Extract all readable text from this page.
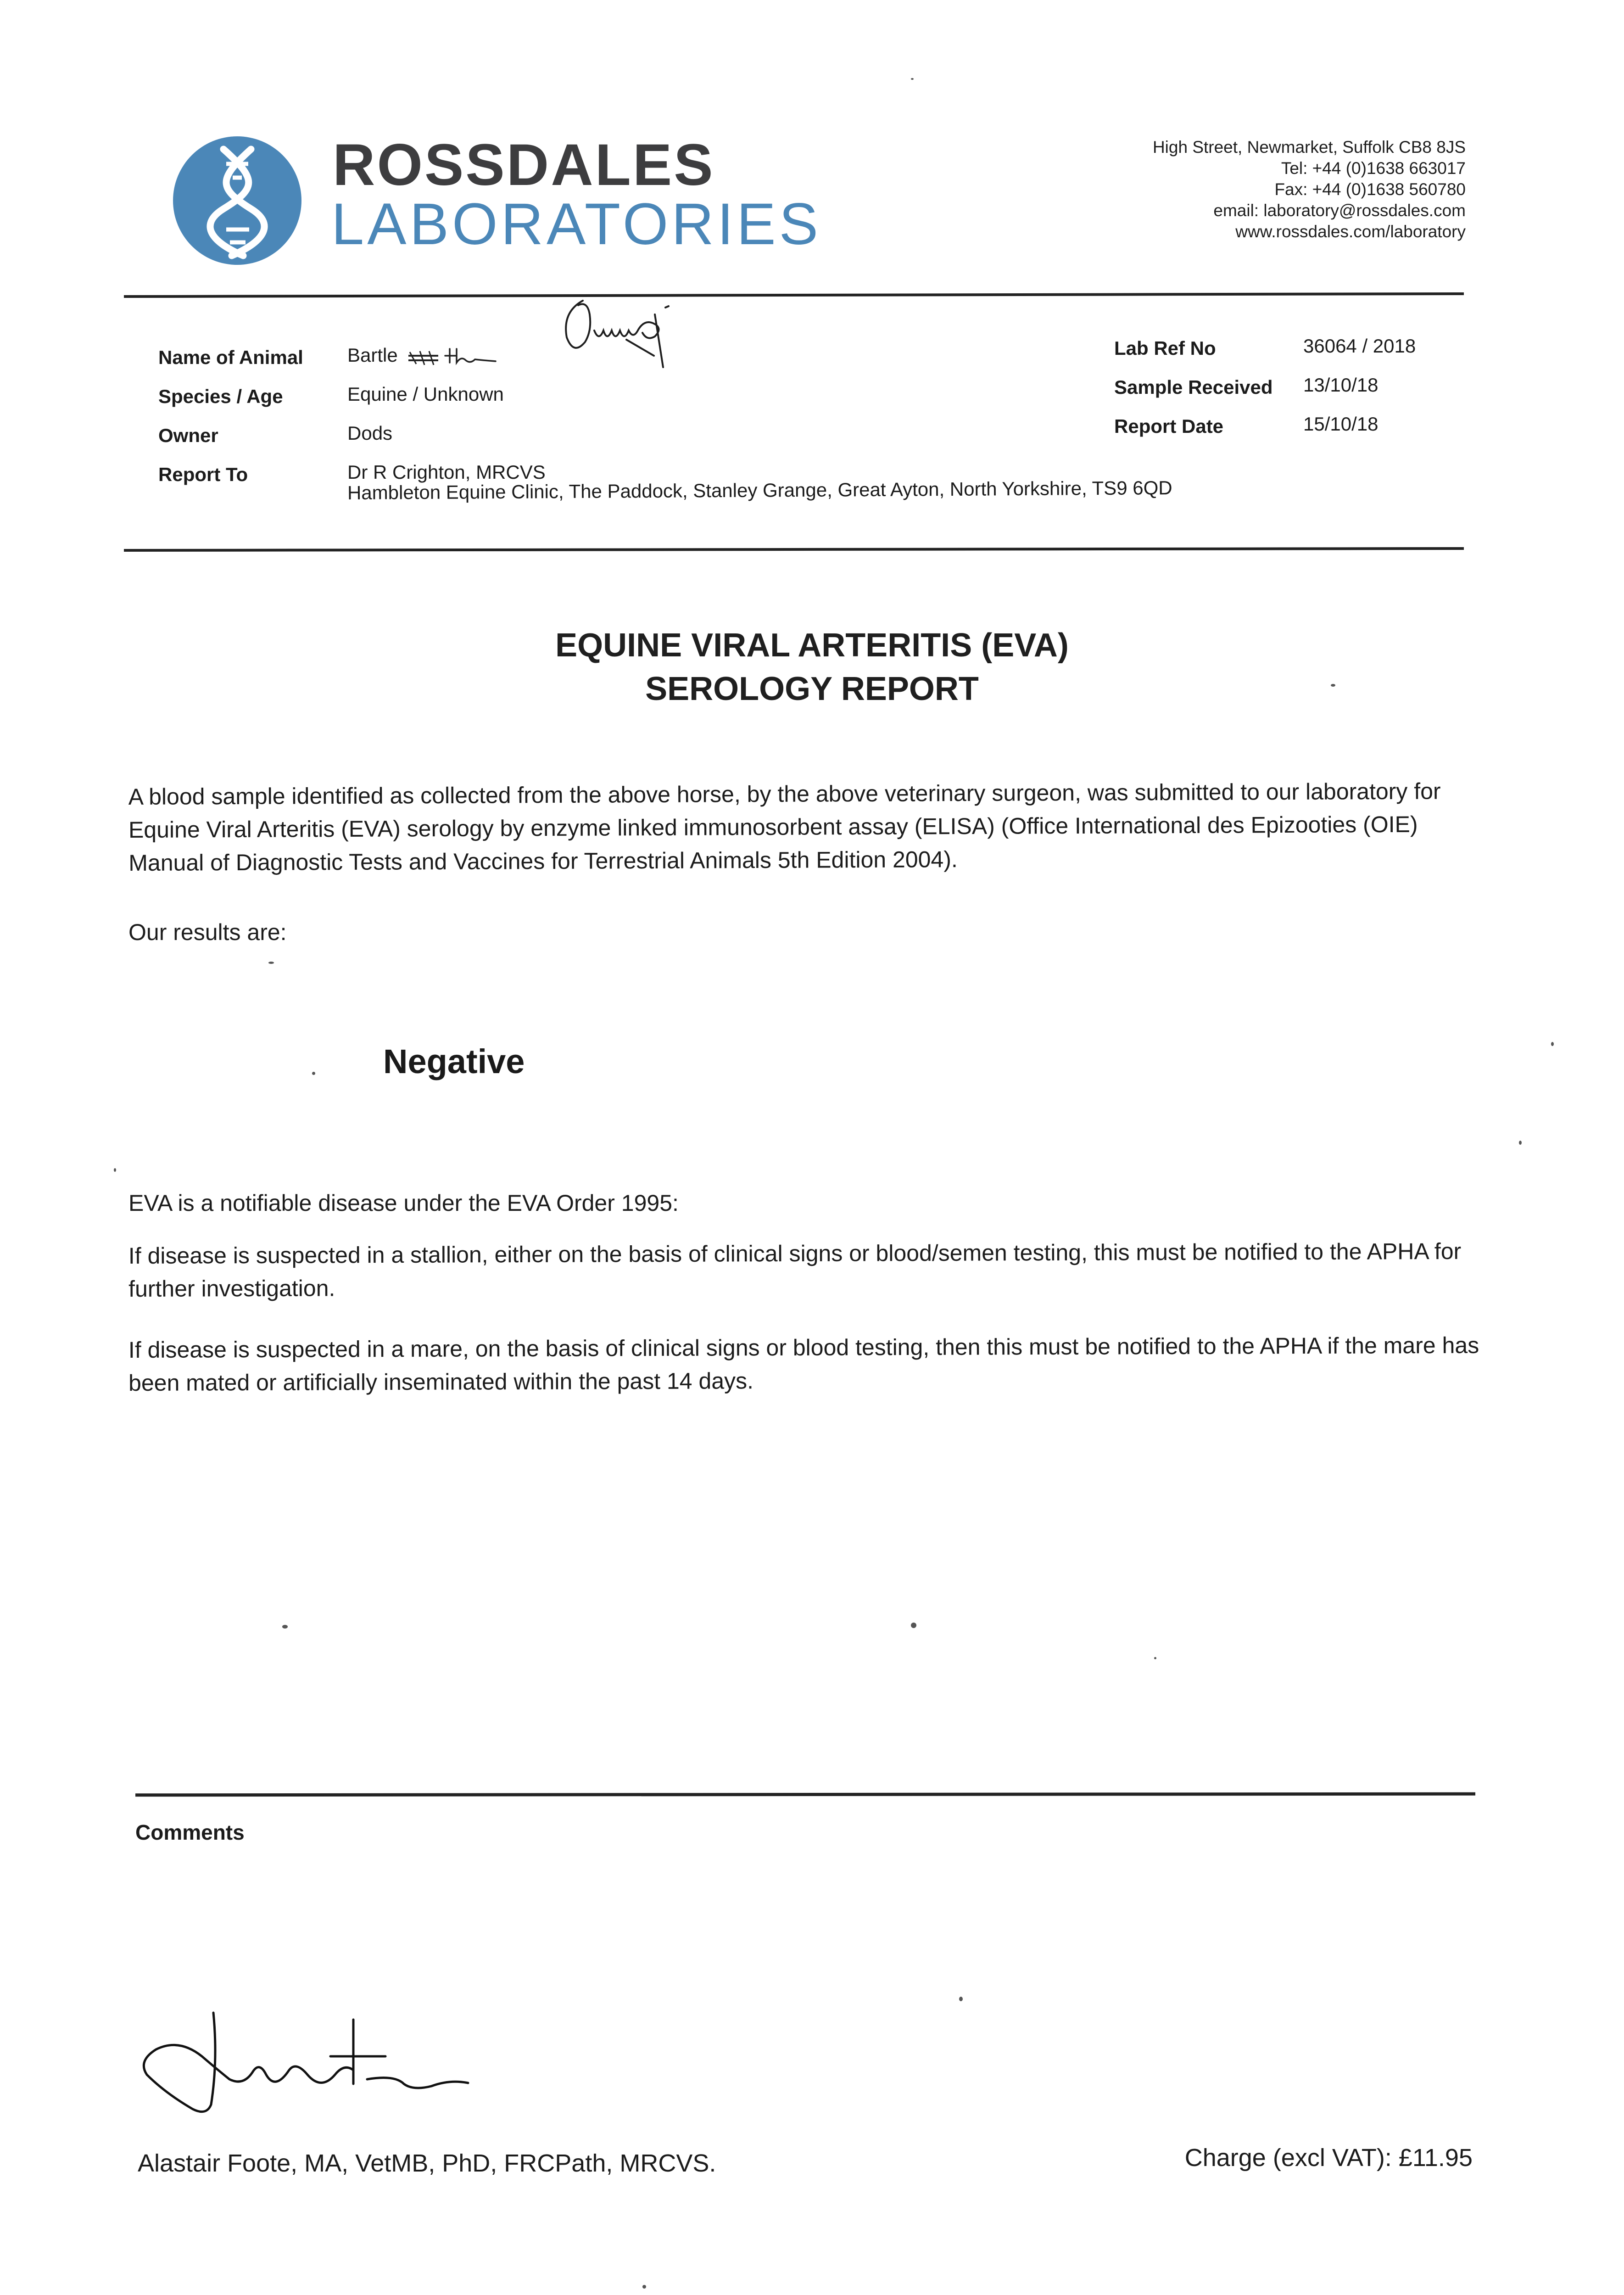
ROSSDALES
LABORATORIES
High Street, Newmarket, Suffolk CB8 8JS
Tel: +44 (0)1638 663017
Fax: +44 (0)1638 560780
email: laboratory@rossdales.com
www.rossdales.com/laboratory
Name of Animal Bartle
Species / Age	Equine / Unknown
Owner	Dods
Report To	Dr R Crighton, MRCVS
Hambleton Equine Clinic, The Paddock, Stanley Grange, Great Ayton, North Yorkshire, TS9 6QD
Lab Ref No	36064 / 2018
Sample Received 13/10/18
Report Date	15/10/18
EQUINE VIRAL ARTERITIS (EVA)
SEROLOGY REPORT
A blood sample identified as collected from the above horse, by the above veterinary surgeon, was submitted to our laboratory for Equine Viral Arteritis (EVA) serology by enzyme linked immunosorbent assay (ELISA) (Office International des Epizooties (OIE) Manual of Diagnostic Tests and Vaccines for Terrestrial Animals 5th Edition 2004).
Our results are:
Negative
EVA is a notifiable disease under the EVA Order 1995:
If disease is suspected in a stallion, either on the basis of clinical signs or blood/semen testing, this must be notified to the APHA for further investigation.
If disease is suspected in a mare, on the basis of clinical signs or blood testing, then this must be notified to the APHA if the mare has been mated or artificially inseminated within the past 14 days.
Comments
Alastair Foote, MA, VetMB, PhD, FRCPath, MRCVS.	Charge (excl VAT): £11.95
